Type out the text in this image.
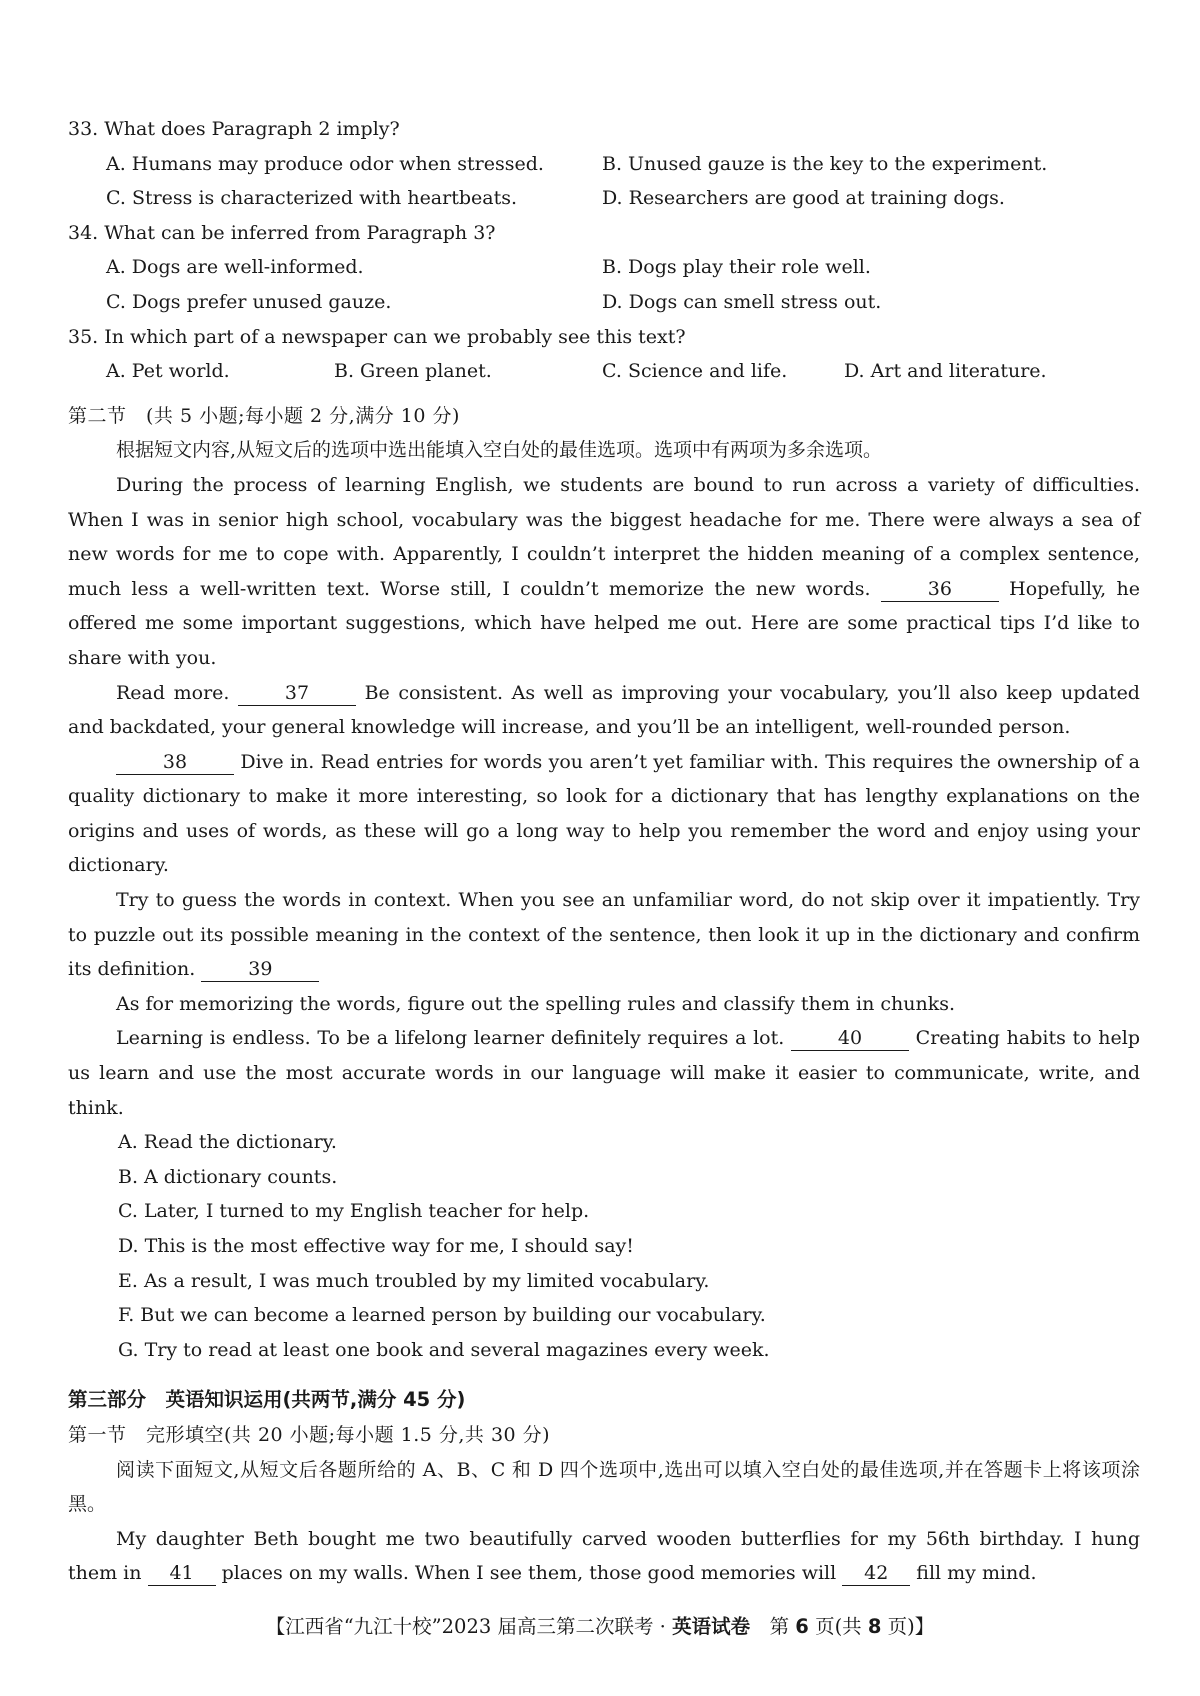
33. What does Paragraph 2 imply?
A. Humans may produce odor when stressed.	B. Unused gauze is the key to the experiment.
C. Stress is characterized with heartbeats.	D. Researchers are good at training dogs.
34. What can be inferred from Paragraph 3?
A. Dogs are well-informed.	B. Dogs play their role well.
C. Dogs prefer unused gauze.	D. Dogs can smell stress out.
35. In which part of a newspaper can we probably see this text?
A. Pet world.	B. Green planet.	C. Science and life.	D. Art and literature.
第二节　(共 5 小题;每小题 2 分,满分 10 分)

根据短文内容,从短文后的选项中选出能填入空白处的最佳选项。选项中有两项为多余选项。

During the process of learning English, we students are bound to run across a variety of difficulties. When I was in senior high school, vocabulary was the biggest headache for me. There were always a sea of new words for me to cope with. Apparently, I couldn’t interpret the hidden meaning of a complex sentence, much less a well-written text. Worse still, I couldn’t memorize the new words. 36 Hopefully, he offered me some important suggestions, which have helped me out. Here are some practical tips I’d like to share with you.

Read more. 37 Be consistent. As well as improving your vocabulary, you’ll also keep updated and backdated, your general knowledge will increase, and you’ll be an intelligent, well-rounded person.

38 Dive in. Read entries for words you aren’t yet familiar with. This requires the ownership of a quality dictionary to make it more interesting, so look for a dictionary that has lengthy explanations on the origins and uses of words, as these will go a long way to help you remember the word and enjoy using your dictionary.

Try to guess the words in context. When you see an unfamiliar word, do not skip over it impatiently. Try to puzzle out its possible meaning in the context of the sentence, then look it up in the dictionary and confirm its definition. 39

As for memorizing the words, figure out the spelling rules and classify them in chunks.

Learning is endless. To be a lifelong learner definitely requires a lot. 40 Creating habits to help us learn and use the most accurate words in our language will make it easier to communicate, write, and think.

A. Read the dictionary.
B. A dictionary counts.
C. Later, I turned to my English teacher for help.
D. This is the most effective way for me, I should say!
E. As a result, I was much troubled by my limited vocabulary.
F. But we can become a learned person by building our vocabulary.
G. Try to read at least one book and several magazines every week.
第三部分　英语知识运用(共两节,满分 45 分)
第一节　完形填空(共 20 小题;每小题 1.5 分,共 30 分)

阅读下面短文,从短文后各题所给的 A、B、C 和 D 四个选项中,选出可以填入空白处的最佳选项,并在答题卡上将该项涂黑。

My daughter Beth bought me two beautifully carved wooden butterflies for my 56th birthday. I hung them in 41 places on my walls. When I see them, those good memories will 42 fill my mind.

【江西省“九江十校”2023 届高三第二次联考 · 英语试卷　第 6 页(共 8 页)】
